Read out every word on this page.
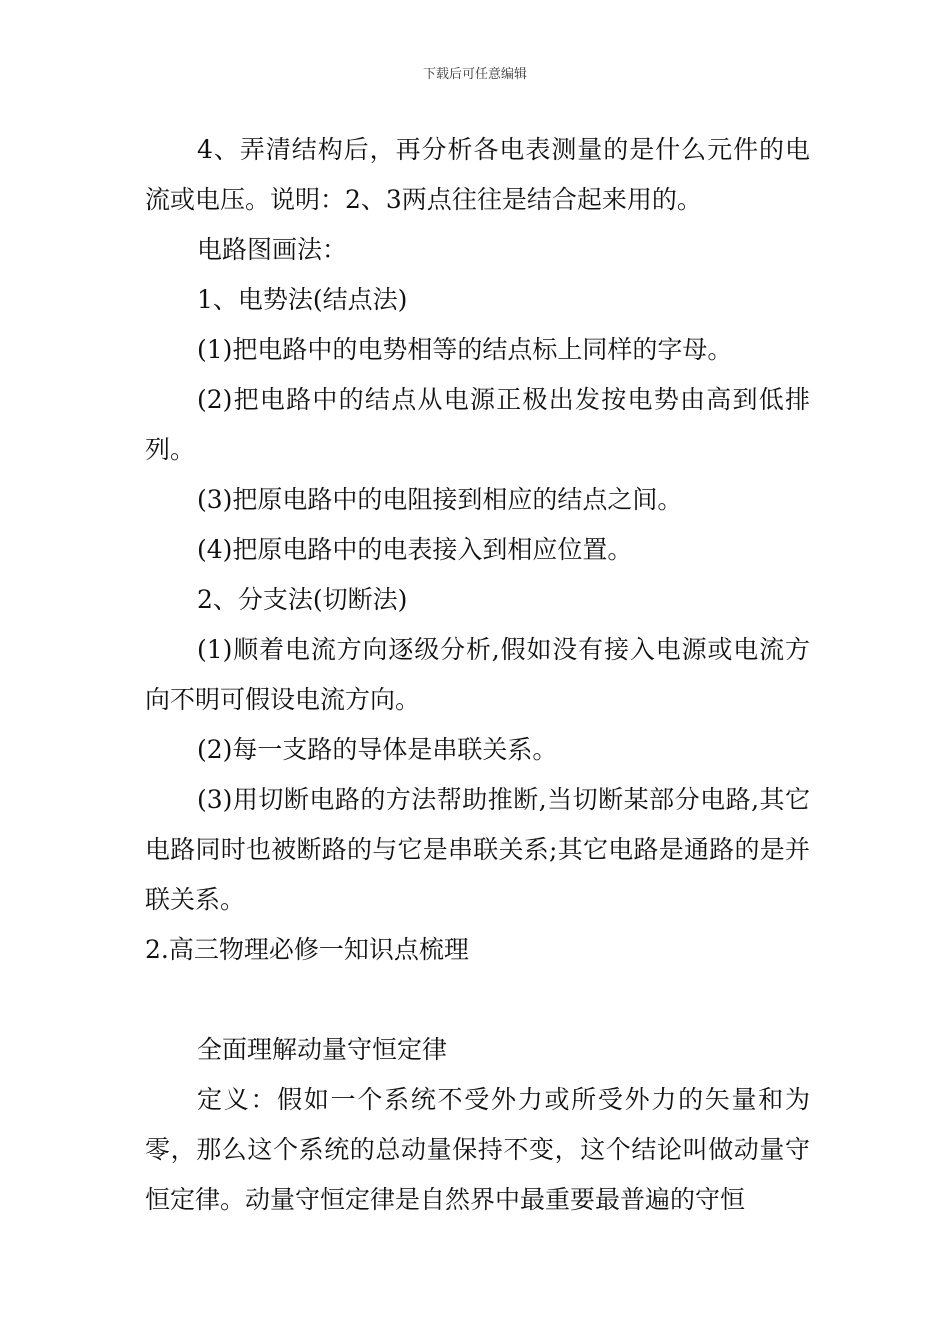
下载后可任意编辑

4、弄清结构后，再分析各电表测量的是什么元件的电流或电压。说明：2、3两点往往是结合起来用的。

电路图画法：

1、电势法(结点法)

(1)把电路中的电势相等的结点标上同样的字母。

(2)把电路中的结点从电源正极出发按电势由高到低排列。

(3)把原电路中的电阻接到相应的结点之间。

(4)把原电路中的电表接入到相应位置。

2、分支法(切断法)

(1)顺着电流方向逐级分析,假如没有接入电源或电流方向不明可假设电流方向。

(2)每一支路的导体是串联关系。

(3)用切断电路的方法帮助推断,当切断某部分电路,其它电路同时也被断路的与它是串联关系;其它电路是通路的是并联关系。

2.高三物理必修一知识点梳理

全面理解动量守恒定律

定义：假如一个系统不受外力或所受外力的矢量和为零，那么这个系统的总动量保持不变，这个结论叫做动量守恒定律。动量守恒定律是自然界中最重要最普遍的守恒
